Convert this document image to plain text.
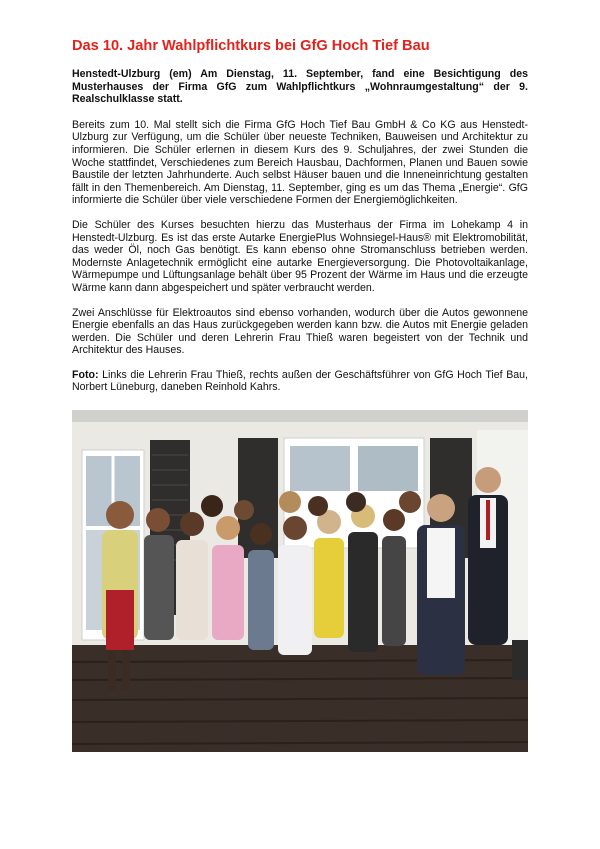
Das 10. Jahr Wahlpflichtkurs bei GfG Hoch Tief Bau

Henstedt-Ulzburg (em) Am Dienstag, 11. September, fand eine Besichtigung des Musterhauses der Firma GfG zum Wahlpflichtkurs „Wohnraumgestaltung“ der 9. Realschulklasse statt.

Bereits zum 10. Mal stellt sich die Firma GfG Hoch Tief Bau GmbH & Co KG aus Henstedt-Ulzburg zur Verfügung, um die Schüler über neueste Techniken, Bauweisen und Architektur zu informieren. Die Schüler erlernen in diesem Kurs des 9. Schuljahres, der zwei Stunden die Woche stattfindet, Verschiedenes zum Bereich Hausbau, Dachformen, Planen und Bauen sowie Baustile der letzten Jahrhunderte. Auch selbst Häuser bauen und die Inneneinrichtung gestalten fällt in den Themenbereich. Am Dienstag, 11. September, ging es um das Thema „Energie“. GfG informierte die Schüler über viele verschiedene Formen der Energiemöglichkeiten.

Die Schüler des Kurses besuchten hierzu das Musterhaus der Firma im Lohekamp 4 in Henstedt-Ulzburg. Es ist das erste Autarke EnergiePlus Wohnsiegel-Haus® mit Elektromobilität, das weder Öl, noch Gas benötigt. Es kann ebenso ohne Stromanschluss betrieben werden. Modernste Anlagetechnik ermöglicht eine autarke Energieversorgung. Die Photovoltaikanlage, Wärmepumpe und Lüftungsanlage behält über 95 Prozent der Wärme im Haus und die erzeugte Wärme kann dann abgespeichert und später verbraucht werden.

Zwei Anschlüsse für Elektroautos sind ebenso vorhanden, wodurch über die Autos gewonnene Energie ebenfalls an das Haus zurückgegeben werden kann bzw. die Autos mit Energie geladen werden. Die Schüler und deren Lehrerin Frau Thieß waren begeistert von der Technik und Architektur des Hauses.

Foto: Links die Lehrerin Frau Thieß, rechts außen der Geschäftsführer von GfG Hoch Tief Bau, Norbert Lüneburg, daneben Reinhold Kahrs.
